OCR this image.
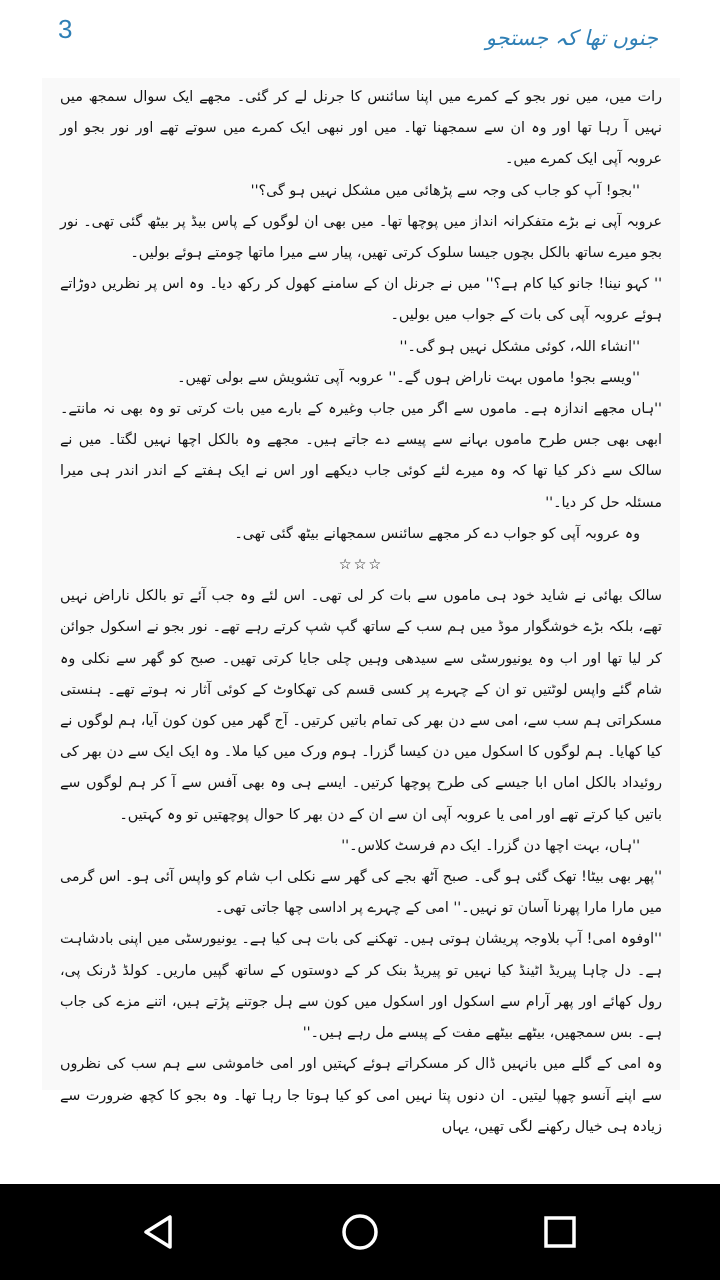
3	جنوں تھا کہ جستجو

رات میں، میں نور بجو کے کمرے میں اپنا سائنس کا جرنل لے کر گئی۔ مجھے ایک سوال سمجھ میں نہیں آ رہا تھا اور وہ ان سے سمجھنا تھا۔ میں اور نبھی ایک کمرے میں سوتے تھے اور نور بجو اور عروبہ آپی ایک کمرے میں۔

''بجو! آپ کو جاب کی وجہ سے پڑھائی میں مشکل نہیں ہو گی؟''

عروبہ آپی نے بڑے متفکرانہ انداز میں پوچھا تھا۔ میں بھی ان لوگوں کے پاس بیڈ پر بیٹھ گئی تھی۔ نور بجو میرے ساتھ بالکل بچوں جیسا سلوک کرتی تھیں، پیار سے میرا ماتھا چومتے ہوئے بولیں۔

'' کہو نینا! جانو کیا کام ہے؟'' میں نے جرنل ان کے سامنے کھول کر رکھ دیا۔ وہ اس پر نظریں دوڑاتے ہوئے عروبہ آپی کی بات کے جواب میں بولیں۔

''انشاء اللہ، کوئی مشکل نہیں ہو گی۔''

''ویسے بجو! ماموں بہت ناراض ہوں گے۔'' عروبہ آپی تشویش سے بولی تھیں۔

''ہاں مجھے اندازہ ہے۔ ماموں سے اگر میں جاب وغیرہ کے بارے میں بات کرتی تو وہ بھی نہ مانتے۔ ابھی بھی جس طرح ماموں بہانے سے پیسے دے جاتے ہیں۔ مجھے وہ بالکل اچھا نہیں لگتا۔ میں نے سالک سے ذکر کیا تھا کہ وہ میرے لئے کوئی جاب دیکھے اور اس نے ایک ہفتے کے اندر اندر ہی میرا مسئلہ حل کر دیا۔''

وہ عروبہ آپی کو جواب دے کر مجھے سائنس سمجھانے بیٹھ گئی تھی۔

☆☆☆

سالک بھائی نے شاید خود ہی ماموں سے بات کر لی تھی۔ اس لئے وہ جب آئے تو بالکل ناراض نہیں تھے، بلکہ بڑے خوشگوار موڈ میں ہم سب کے ساتھ گپ شپ کرتے رہے تھے۔ نور بجو نے اسکول جوائن کر لیا تھا اور اب وہ یونیورسٹی سے سیدھی وہیں چلی جایا کرتی تھیں۔ صبح کو گھر سے نکلی وہ شام گئے واپس لوٹتیں تو ان کے چہرے پر کسی قسم کی تھکاوٹ کے کوئی آثار نہ ہوتے تھے۔ ہنستی مسکراتی ہم سب سے، امی سے دن بھر کی تمام باتیں کرتیں۔ آج گھر میں کون کون آیا، ہم لوگوں نے کیا کھایا۔ ہم لوگوں کا اسکول میں دن کیسا گزرا۔ ہوم ورک میں کیا ملا۔ وہ ایک ایک سے دن بھر کی روئیداد بالکل اماں ابا جیسے کی طرح پوچھا کرتیں۔ ایسے ہی وہ بھی آفس سے آ کر ہم لوگوں سے باتیں کیا کرتے تھے اور امی یا عروبہ آپی ان سے ان کے دن بھر کا حوال پوچھتیں تو وہ کہتیں۔

''ہاں، بہت اچھا دن گزرا۔ ایک دم فرسٹ کلاس۔''

''پھر بھی بیٹا! تھک گئی ہو گی۔ صبح آٹھ بجے کی گھر سے نکلی اب شام کو واپس آئی ہو۔ اس گرمی میں مارا مارا پھرنا آسان تو نہیں۔'' امی کے چہرے پر اداسی چھا جاتی تھی۔

''اوفوہ امی! آپ بلاوجہ پریشان ہوتی ہیں۔ تھکنے کی بات ہی کیا ہے۔ یونیورسٹی میں اپنی بادشاہت ہے۔ دل چاہا پیریڈ اٹینڈ کیا نہیں تو پیریڈ بنک کر کے دوستوں کے ساتھ گپیں ماریں۔ کولڈ ڈرنک پی، رول کھائے اور پھر آرام سے اسکول اور اسکول میں کون سے ہل جوتنے پڑتے ہیں، اتنے مزے کی جاب ہے۔ بس سمجھیں، بیٹھے بیٹھے مفت کے پیسے مل رہے ہیں۔''

وہ امی کے گلے میں بانہیں ڈال کر مسکراتے ہوئے کہتیں اور امی خاموشی سے ہم سب کی نظروں سے اپنے آنسو چھپا لیتیں۔ ان دنوں پتا نہیں امی کو کیا ہوتا جا رہا تھا۔ وہ بجو کا کچھ ضرورت سے زیادہ ہی خیال رکھنے لگی تھیں، یہاں
